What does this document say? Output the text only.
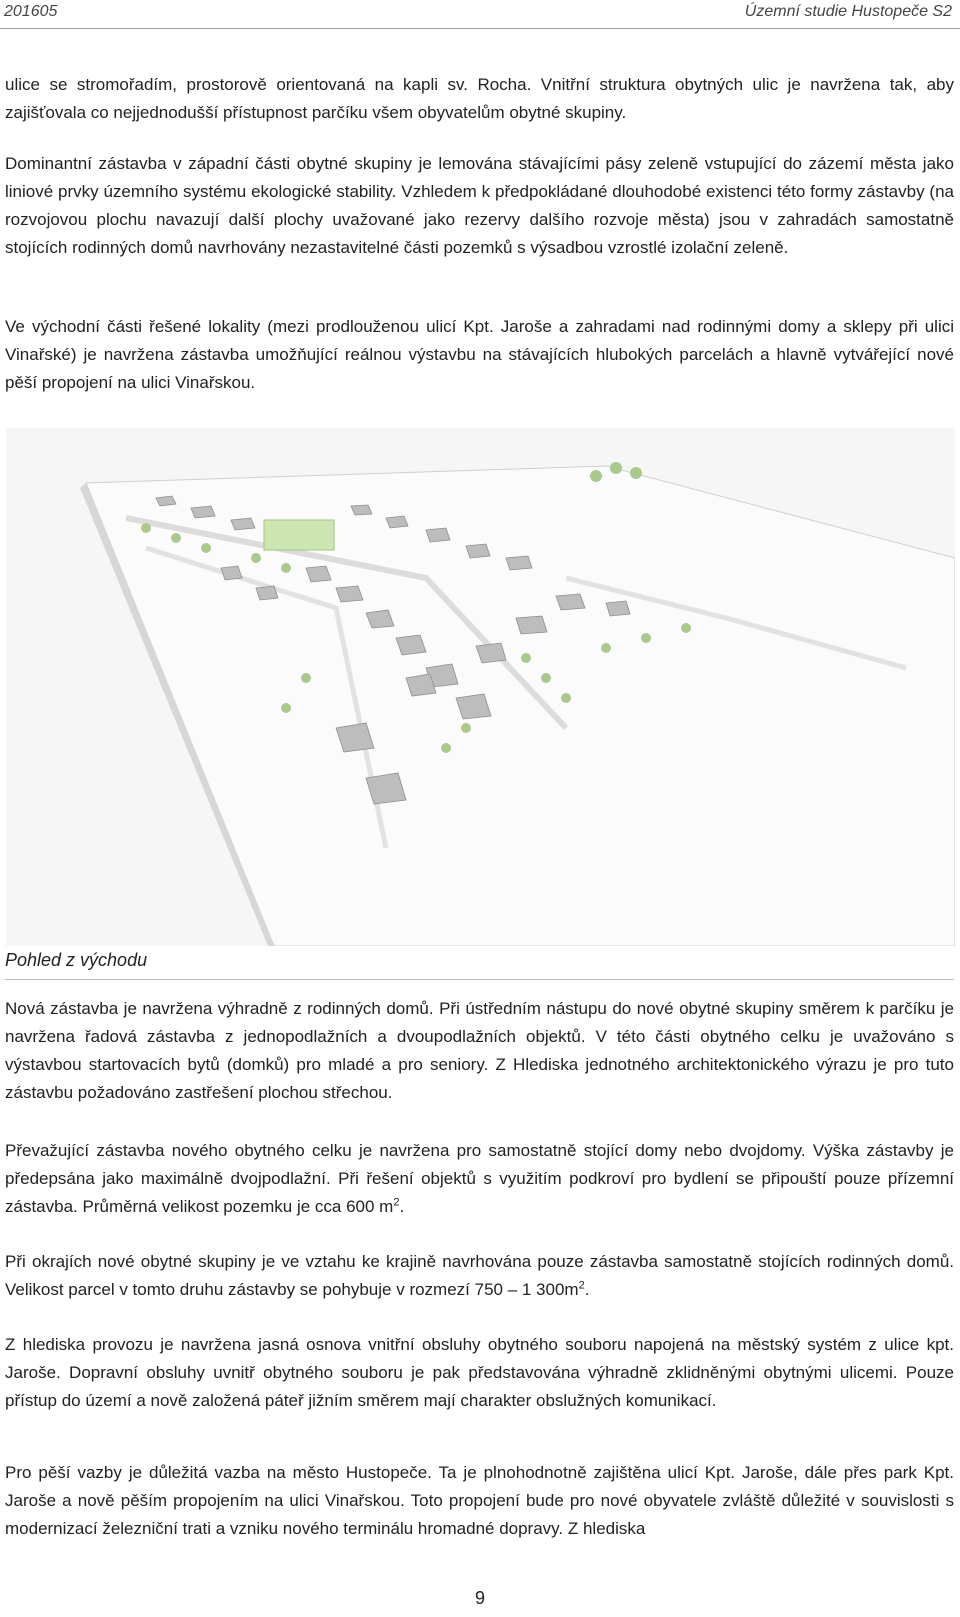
201605	Územní studie Hustopeče S2

ulice se stromořadím, prostorově orientovaná na kapli sv. Rocha. Vnitřní struktura obytných ulic je navržena tak, aby zajišťovala co nejjednodušší přístupnost parčíku všem obyvatelům obytné skupiny.

Dominantní zástavba v západní části obytné skupiny je lemována stávajícími pásy zeleně vstupující do zázemí města jako liniové prvky územního systému ekologické stability. Vzhledem k předpokládané dlouhodobé existenci této formy zástavby (na rozvojovou plochu navazují další plochy uvažované jako rezervy dalšího rozvoje města) jsou v zahradách samostatně stojících rodinných domů navrhovány nezastavitelné části pozemků s výsadbou vzrostlé izolační zeleně.

Ve východní části řešené lokality (mezi prodlouženou ulicí Kpt. Jaroše a zahradami nad rodinnými domy a sklepy při ulici Vinařské) je navržena zástavba umožňující reálnou výstavbu na stávajících hlubokých parcelách a hlavně vytvářející nové pěší propojení na ulici Vinařskou.

Pohled z východu

Nová zástavba je navržena výhradně z rodinných domů. Při ústředním nástupu do nové obytné skupiny směrem k parčíku je navržena řadová zástavba z jednopodlažních a dvoupodlažních objektů. V této části obytného celku je uvažováno s výstavbou startovacích bytů (domků) pro mladé a pro seniory. Z Hlediska jednotného architektonického výrazu je pro tuto zástavbu požadováno zastřešení plochou střechou.

Převažující zástavba nového obytného celku je navržena pro samostatně stojící domy nebo dvojdomy. Výška zástavby je předepsána jako maximálně dvojpodlažní. Při řešení objektů s využitím podkroví pro bydlení se připouští pouze přízemní zástavba. Průměrná velikost pozemku je cca 600 $m^2$.

Při okrajích nové obytné skupiny je ve vztahu ke krajině navrhována pouze zástavba samostatně stojících rodinných domů. Velikost parcel v tomto druhu zástavby se pohybuje v rozmezí 750 – 1 $300m^2$.

Z hlediska provozu je navržena jasná osnova vnitřní obsluhy obytného souboru napojená na městský systém z ulice kpt. Jaroše. Dopravní obsluhy uvnitř obytného souboru je pak představována výhradně zklidněnými obytnými ulicemi. Pouze přístup do území a nově založená páteř jižním směrem mají charakter obslužných komunikací.

Pro pěší vazby je důležitá vazba na město Hustopeče. Ta je plnohodnotně zajištěna ulicí Kpt. Jaroše, dále přes park Kpt. Jaroše a nově pěším propojením na ulici Vinařskou. Toto propojení bude pro nové obyvatele zvláště důležité v souvislosti s modernizací železniční trati a vzniku nového terminálu hromadné dopravy. Z hlediska

9
